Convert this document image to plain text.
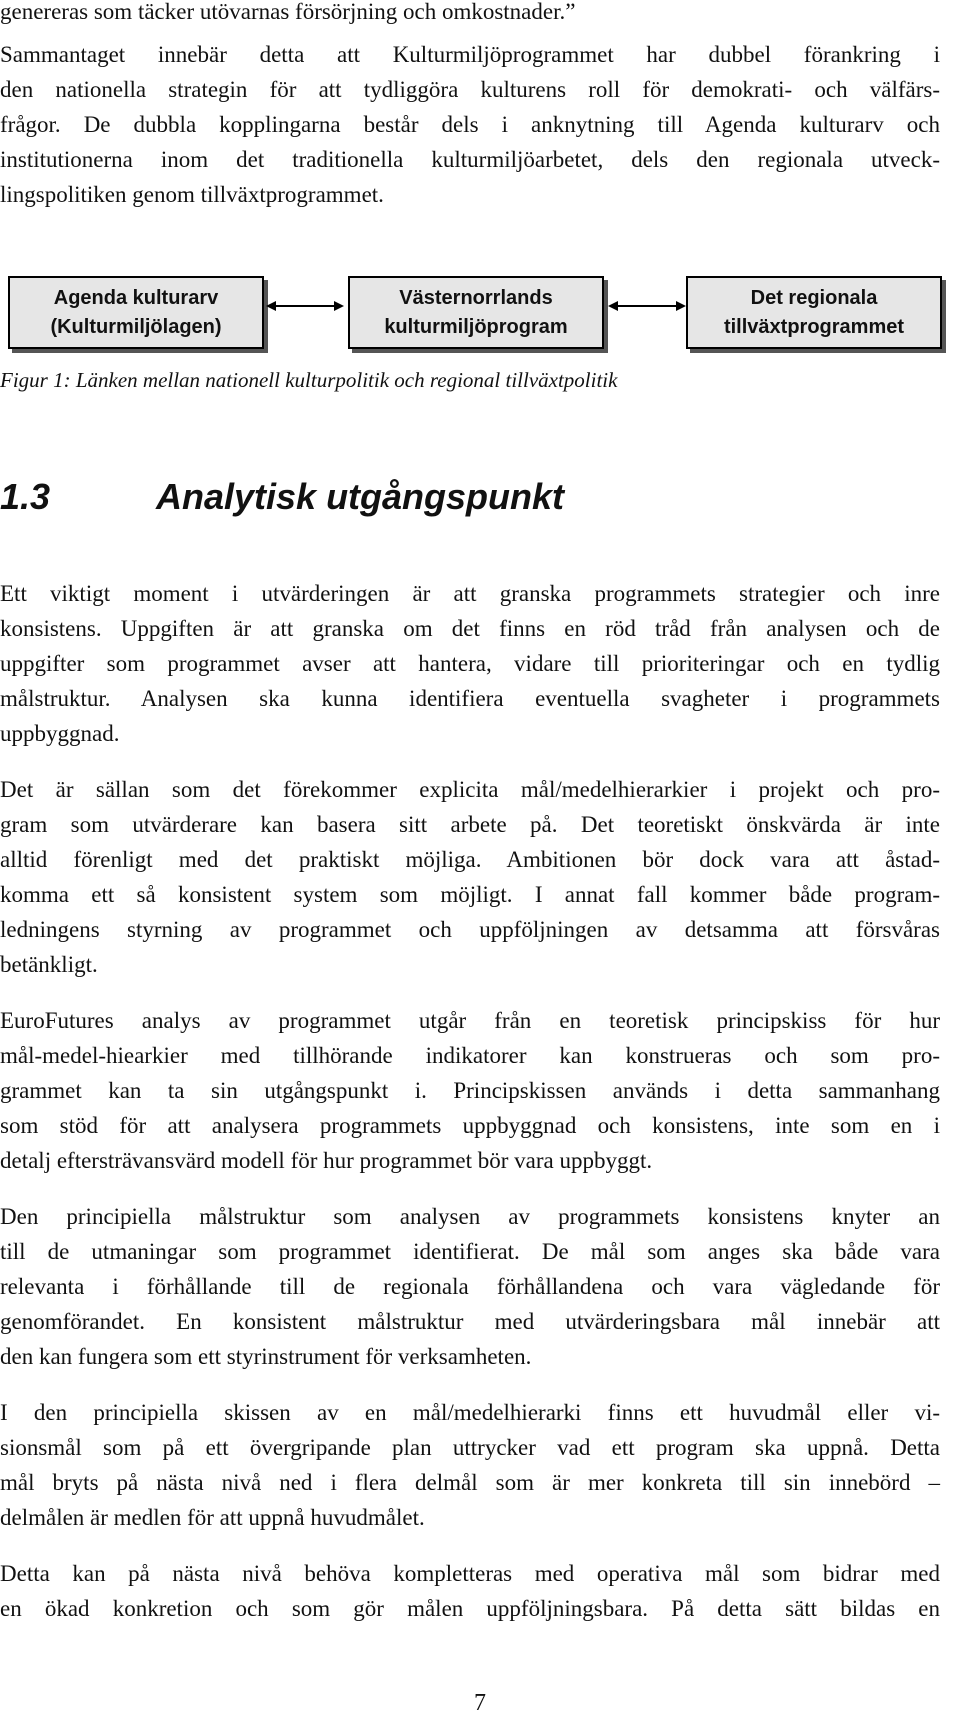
genereras som täcker utövarnas försörjning och omkostnader.”
Sammantaget innebär detta att Kulturmiljöprogrammet har dubbel förankring i
den nationella strategin för att tydliggöra kulturens roll för demokrati- och välfärs-
frågor. De dubbla kopplingarna består dels i anknytning till Agenda kulturarv och
institutionerna inom det traditionella kulturmiljöarbetet, dels den regionala utveck-
lingspolitiken genom tillväxtprogrammet.
Agenda kulturarv
(Kulturmiljölagen)
Västernorrlands
kulturmiljöprogram
Det regionala
tillväxtprogrammet
Figur 1: Länken mellan nationell kulturpolitik och regional tillväxtpolitik
1.3	Analytisk utgångspunkt
Ett viktigt moment i utvärderingen är att granska programmets strategier och inre
konsistens. Uppgiften är att granska om det finns en röd tråd från analysen och de
uppgifter som programmet avser att hantera, vidare till prioriteringar och en tydlig
målstruktur. Analysen ska kunna identifiera eventuella svagheter i programmets
uppbyggnad.
Det är sällan som det förekommer explicita mål/medelhierarkier i projekt och pro-
gram som utvärderare kan basera sitt arbete på. Det teoretiskt önskvärda är inte
alltid förenligt med det praktiskt möjliga. Ambitionen bör dock vara att åstad-
komma ett så konsistent system som möjligt. I annat fall kommer både program-
ledningens styrning av programmet och uppföljningen av detsamma att försvåras
betänkligt.
EuroFutures analys av programmet utgår från en teoretisk principskiss för hur
mål-medel-hiearkier med tillhörande indikatorer kan konstrueras och som pro-
grammet kan ta sin utgångspunkt i. Principskissen används i detta sammanhang
som stöd för att analysera programmets uppbyggnad och konsistens, inte som en i
detalj eftersträvansvärd modell för hur programmet bör vara uppbyggt.
Den principiella målstruktur som analysen av programmets konsistens knyter an
till de utmaningar som programmet identifierat. De mål som anges ska både vara
relevanta i förhållande till de regionala förhållandena och vara vägledande för
genomförandet. En konsistent målstruktur med utvärderingsbara mål innebär att
den kan fungera som ett styrinstrument för verksamheten.
I den principiella skissen av en mål/medelhierarki finns ett huvudmål eller vi-
sionsmål som på ett övergripande plan uttrycker vad ett program ska uppnå. Detta
mål bryts på nästa nivå ned i flera delmål som är mer konkreta till sin innebörd –
delmålen är medlen för att uppnå huvudmålet.
Detta kan på nästa nivå behöva kompletteras med operativa mål som bidrar med
en ökad konkretion och som gör målen uppföljningsbara. På detta sätt bildas en
7
